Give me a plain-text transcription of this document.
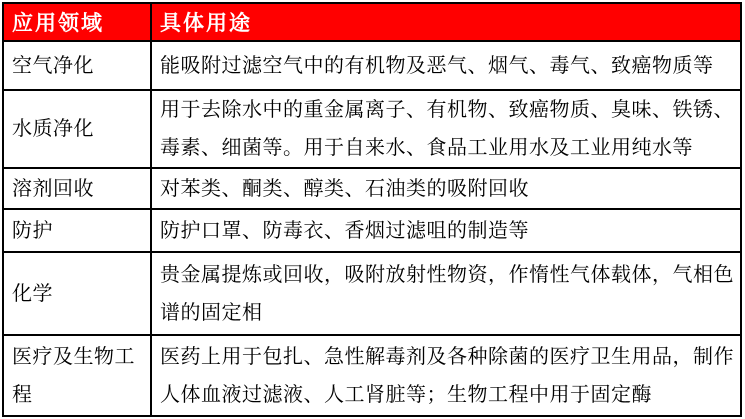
应用领域	具体用途
空气净化	能吸附过滤空气中的有机物及恶气、烟气、毒气、致癌物质等
水质净化	用于去除水中的重金属离子、有机物、致癌物质、臭味、铁锈、毒素、细菌等。用于自来水、食品工业用水及工业用纯水等
溶剂回收	对苯类、酮类、醇类、石油类的吸附回收
防护	防护口罩、防毒衣、香烟过滤咀的制造等
化学	贵金属提炼或回收，吸附放射性物资，作惰性气体载体，气相色谱的固定相
医疗及生物工程	医药上用于包扎、急性解毒剂及各种除菌的医疗卫生用品，制作人体血液过滤液、人工肾脏等；生物工程中用于固定酶
